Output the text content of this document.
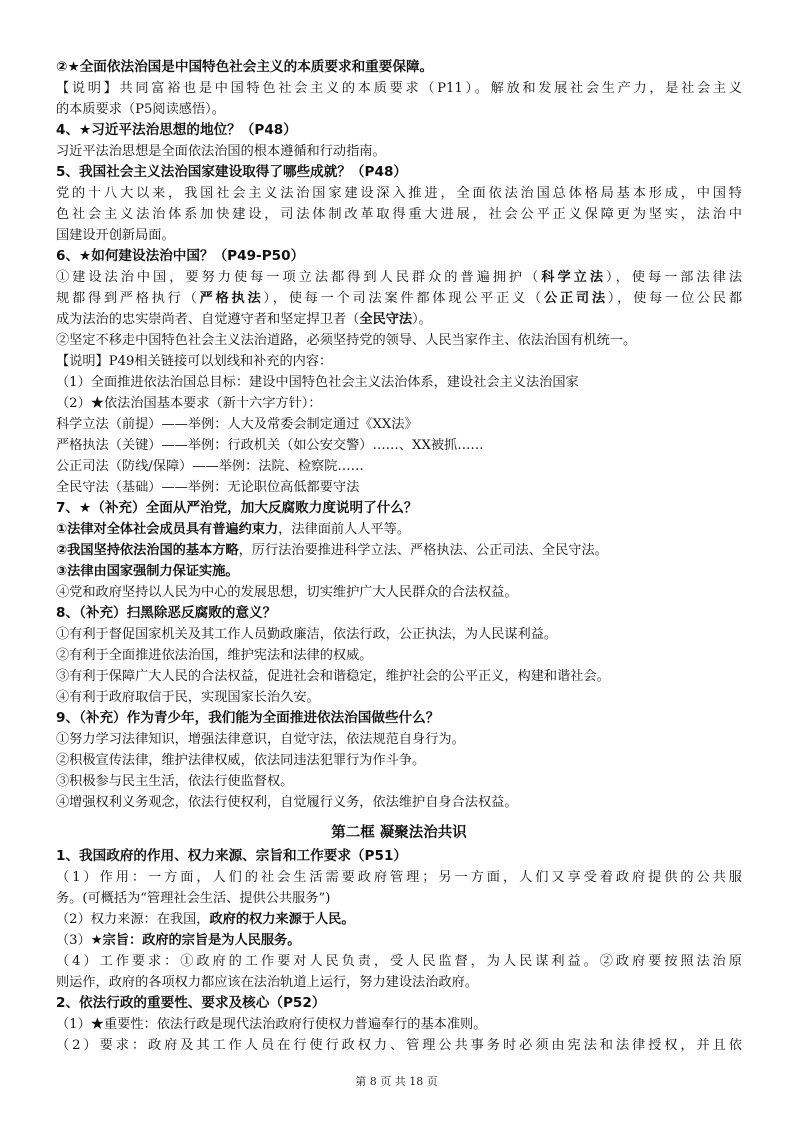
②★全面依法治国是中国特色社会主义的本质要求和重要保障。
【说明】共同富裕也是中国特色社会主义的本质要求（P11）。解放和发展社会生产力，是社会主义
的本质要求（P5阅读感悟）。
4、★习近平法治思想的地位？（P48）
习近平法治思想是全面依法治国的根本遵循和行动指南。
5、我国社会主义法治国家建设取得了哪些成就？（P48）
党的十八大以来，我国社会主义法治国家建设深入推进，全面依法治国总体格局基本形成，中国特
色社会主义法治体系加快建设，司法体制改革取得重大进展，社会公平正义保障更为坚实，法治中
国建设开创新局面。
6、★如何建设法治中国？（P49-P50）
①建设法治中国，要努力使每一项立法都得到人民群众的普遍拥护（科学立法），使每一部法律法
规都得到严格执行（严格执法），使每一个司法案件都体现公平正义（公正司法），使每一位公民都
成为法治的忠实崇尚者、自觉遵守者和坚定捍卫者（全民守法）。
②坚定不移走中国特色社会主义法治道路，必须坚持党的领导、人民当家作主、依法治国有机统一。
【说明】P49相关链接可以划线和补充的内容：
（1）全面推进依法治国总目标：建设中国特色社会主义法治体系，建设社会主义法治国家
（2）★依法治国基本要求（新十六字方针）：
科学立法（前提）——举例：人大及常委会制定通过《XX法》
严格执法（关键）——举例：行政机关（如公安交警）……、XX被抓……
公正司法（防线/保障）——举例：法院、检察院……
全民守法（基础）——举例：无论职位高低都要守法
7、★（补充）全面从严治党，加大反腐败力度说明了什么？
①法律对全体社会成员具有普遍约束力，法律面前人人平等。
②我国坚持依法治国的基本方略，厉行法治要推进科学立法、严格执法、公正司法、全民守法。
③法律由国家强制力保证实施。
④党和政府坚持以人民为中心的发展思想，切实维护广大人民群众的合法权益。
8、（补充）扫黑除恶反腐败的意义？
①有利于督促国家机关及其工作人员勤政廉洁，依法行政，公正执法，为人民谋利益。
②有利于全面推进依法治国，维护宪法和法律的权威。
③有利于保障广大人民的合法权益，促进社会和谐稳定，维护社会的公平正义，构建和谐社会。
④有利于政府取信于民，实现国家长治久安。
9、（补充）作为青少年，我们能为全面推进依法治国做些什么？
①努力学习法律知识，增强法律意识，自觉守法，依法规范自身行为。
②积极宣传法律，维护法律权威，依法同违法犯罪行为作斗争。
③积极参与民主生活，依法行使监督权。
④增强权利义务观念，依法行使权利，自觉履行义务，依法维护自身合法权益。
第二框 凝聚法治共识
1、我国政府的作用、权力来源、宗旨和工作要求（P51）
（1）作用：一方面，人们的社会生活需要政府管理；另一方面，人们又享受着政府提供的公共服
务。(可概括为“管理社会生活、提供公共服务”)
（2）权力来源：在我国，政府的权力来源于人民。
（3）★宗旨：政府的宗旨是为人民服务。
（4）工作要求：①政府的工作要对人民负责，受人民监督，为人民谋利益。②政府要按照法治原
则运作，政府的各项权力都应该在法治轨道上运行，努力建设法治政府。
2、依法行政的重要性、要求及核心（P52）
（1）★重要性：依法行政是现代法治政府行使权力普遍奉行的基本准则。
（2）要求：政府及其工作人员在行使行政权力、管理公共事务时必须由宪法和法律授权，并且依
第 8 页 共 18 页
